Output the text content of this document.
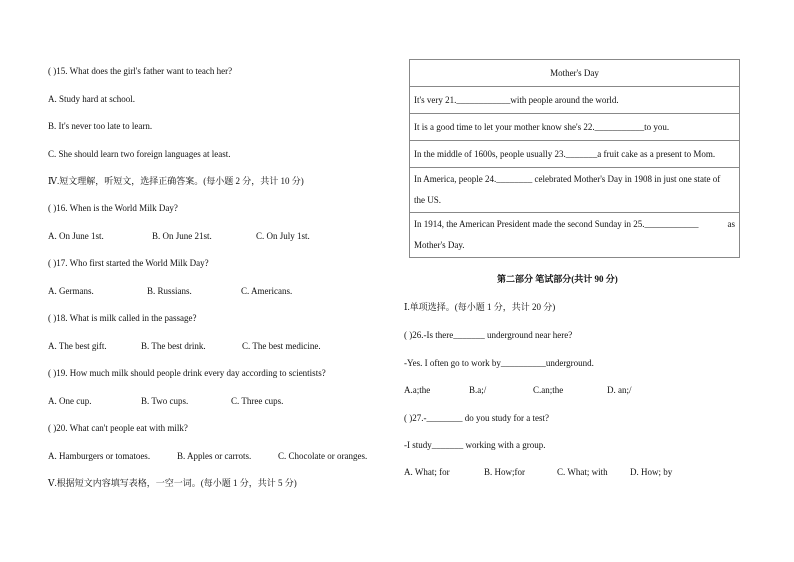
( )15. What does the girl's father want to teach her?
A. Study hard at school.
B. It's never too late to learn.
C. She should learn two foreign languages at least.
Ⅳ.短文理解，听短文，选择正确答案。(每小题 2 分，共计 10 分)
( )16. When is the World Milk Day?
A. On June 1st.	B. On June 21st.	C. On July 1st.
( )17. Who first started the World Milk Day?
A. Germans.	B. Russians.	C. Americans.
( )18. What is milk called in the passage?
A. The best gift.	B. The best drink.	C. The best medicine.
( )19. How much milk should people drink every day according to scientists?
A. One cup.	B. Two cups.	C. Three cups.
( )20. What can't people eat with milk?
A. Hamburgers or tomatoes.	B. Apples or carrots.	C. Chocolate or oranges.
Ⅴ.根据短文内容填写表格，一空一词。(每小题 1 分，共计 5 分)
Mother's Day
It's very 21.____________with people around the world.
It is a good time to let your mother know she's 22.___________to you.
In the middle of 1600s, people usually 23._______a fruit cake as a present to Mom.

In America, people 24.________ celebrated Mother's Day in 1908 in just one state of
the US.

In 1914, the American President made the second Sunday in 25.____________	as
Mother's Day.
第二部分 笔试部分(共计 90 分)
Ⅰ.单项选择。(每小题 1 分，共计 20 分)
( )26.-Is there_______ underground near here?
-Yes. I often go to work by__________underground.
A.a;the	B.a;/	C.an;the	D. an;/
( )27.-________ do you study for a test?
-I study_______ working with a group.
A. What; for	B. How;for	C. What; with D. How; by
